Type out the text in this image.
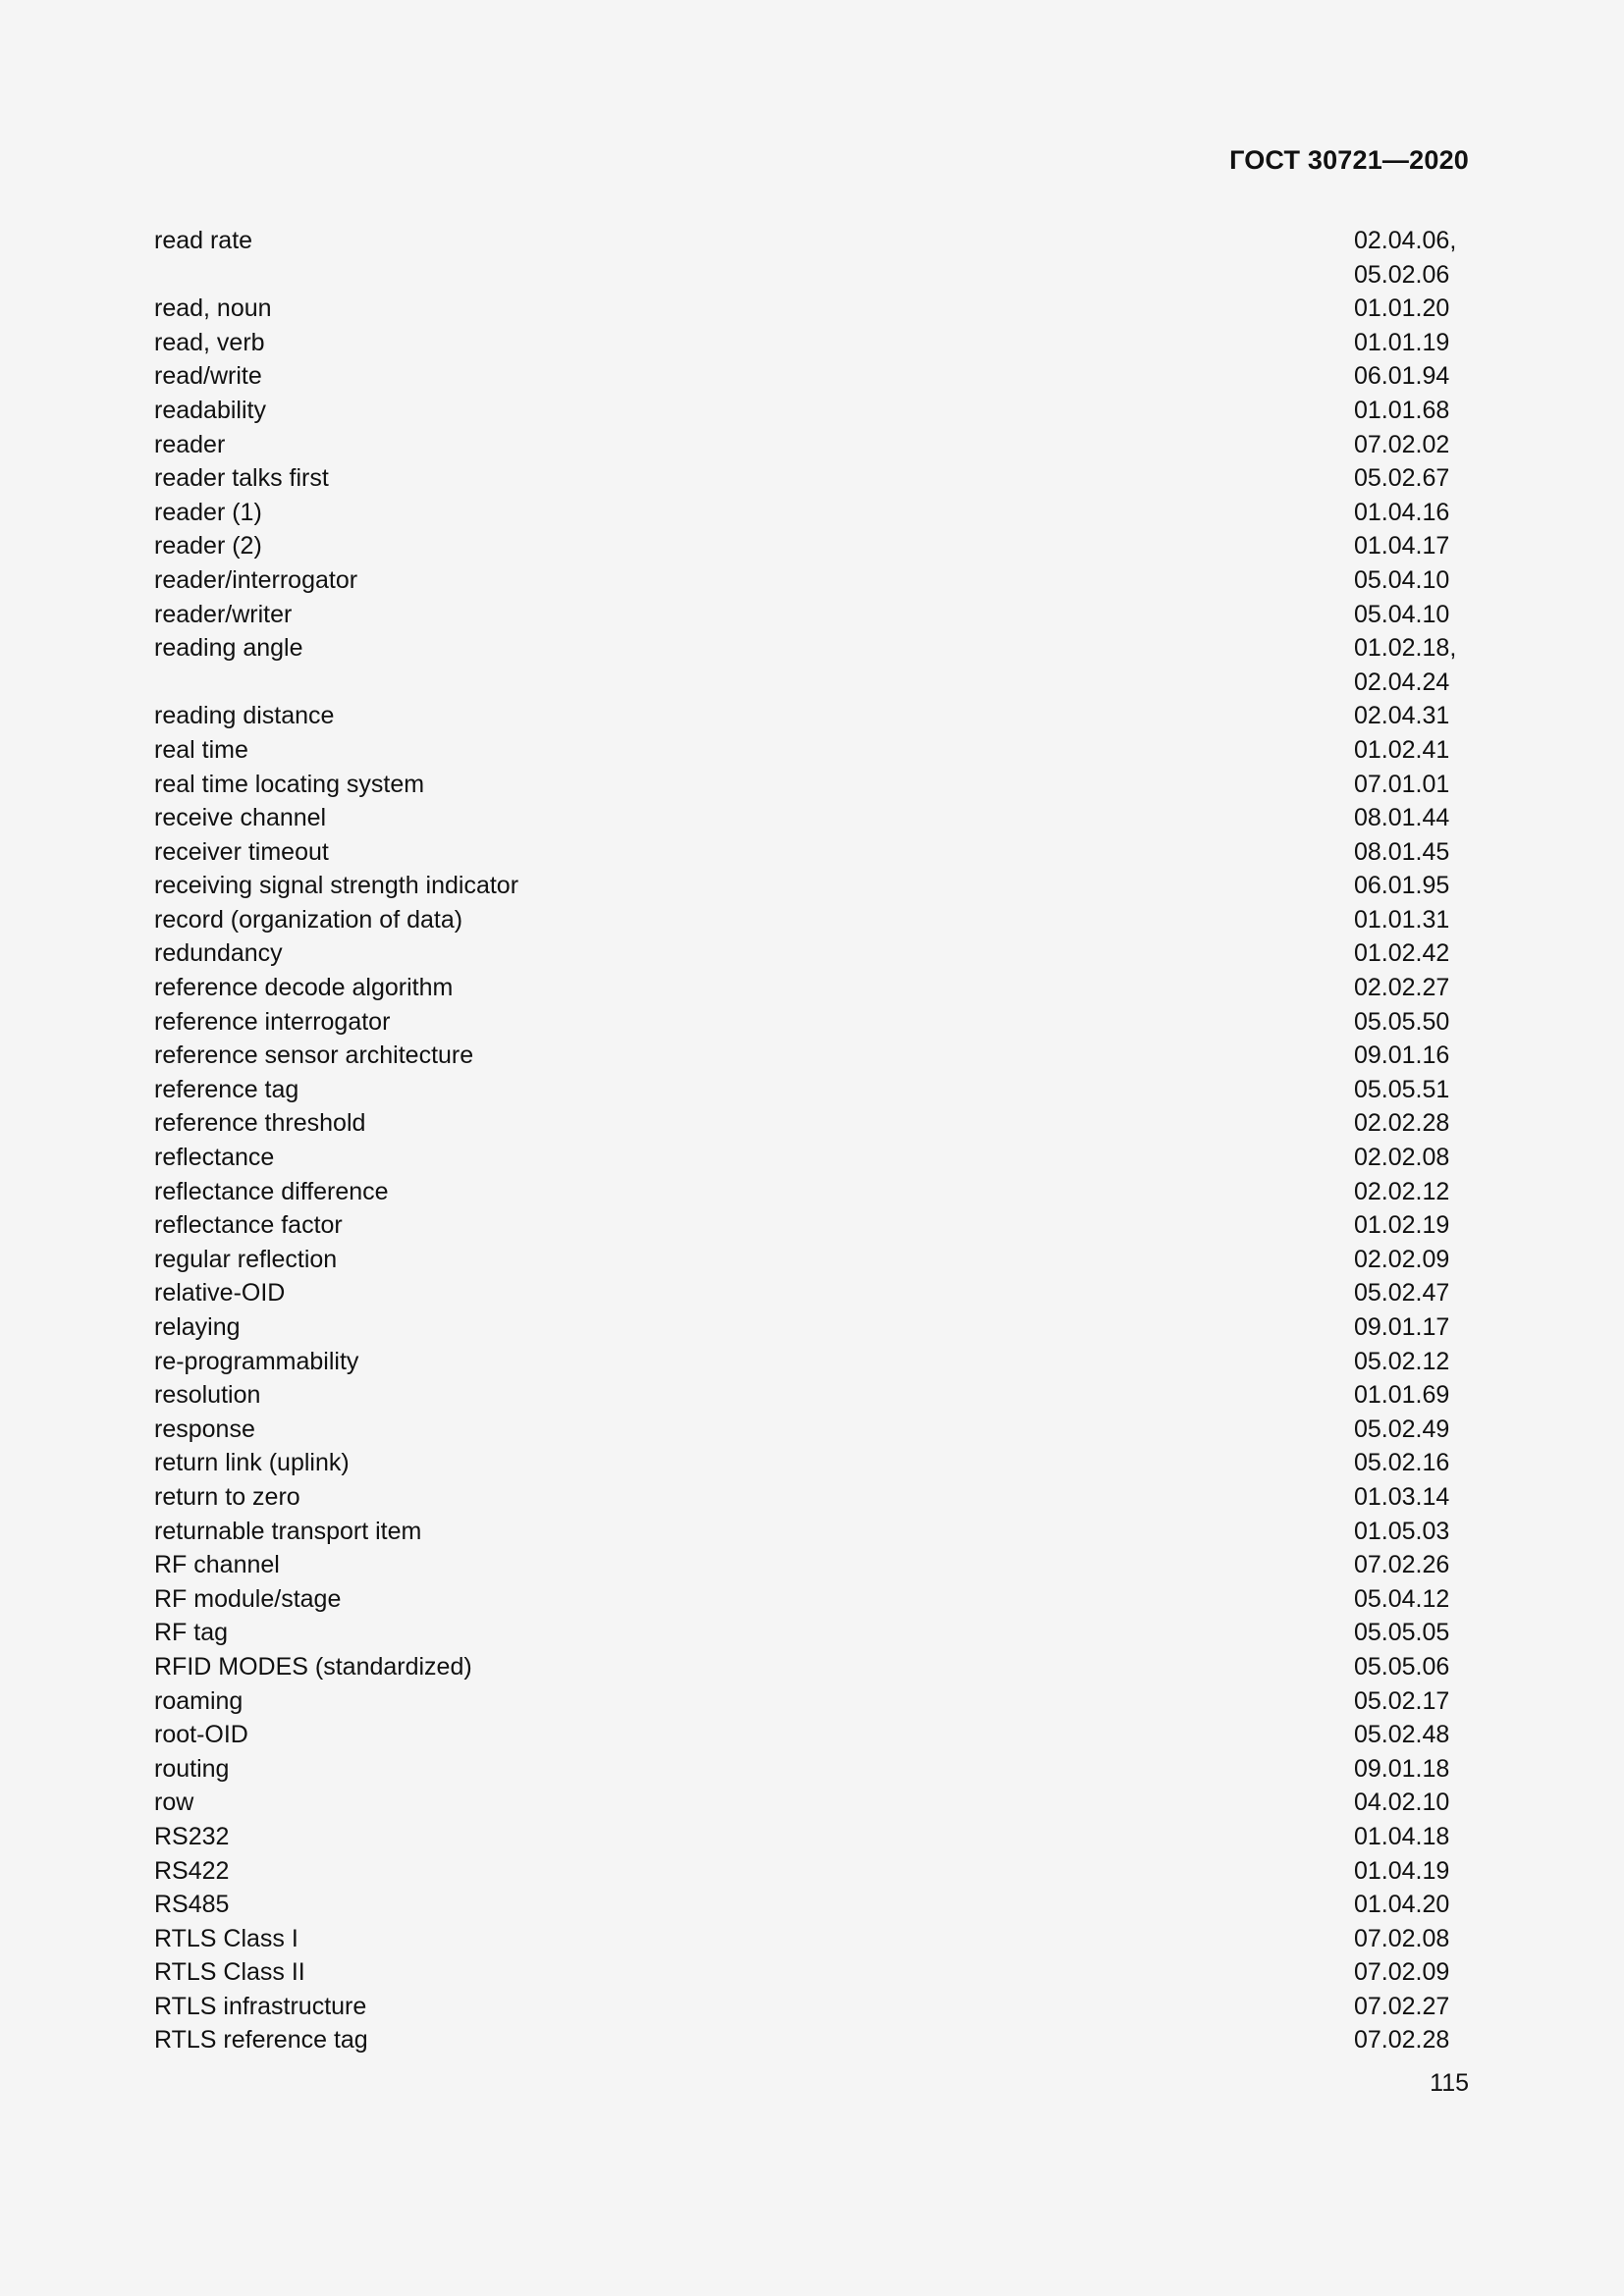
ГОСТ 30721—2020
read rate	02.04.06,
05.02.06
read, noun	01.01.20
read, verb	01.01.19
read/write	06.01.94
readability	01.01.68
reader	07.02.02
reader talks first	05.02.67
reader (1)	01.04.16
reader (2)	01.04.17
reader/interrogator	05.04.10
reader/writer	05.04.10
reading angle	01.02.18,
02.04.24
reading distance	02.04.31
real time	01.02.41
real time locating system	07.01.01
receive channel	08.01.44
receiver timeout	08.01.45
receiving signal strength indicator	06.01.95
record (organization of data)	01.01.31
redundancy	01.02.42
reference decode algorithm	02.02.27
reference interrogator	05.05.50
reference sensor architecture	09.01.16
reference tag	05.05.51
reference threshold	02.02.28
reflectance	02.02.08
reflectance difference	02.02.12
reflectance factor	01.02.19
regular reflection	02.02.09
relative-OID	05.02.47
relaying	09.01.17
re-programmability	05.02.12
resolution	01.01.69
response	05.02.49
return link (uplink)	05.02.16
return to zero	01.03.14
returnable transport item	01.05.03
RF channel	07.02.26
RF module/stage	05.04.12
RF tag	05.05.05
RFID MODES (standardized)	05.05.06
roaming	05.02.17
root-OID	05.02.48
routing	09.01.18
row	04.02.10
RS232	01.04.18
RS422	01.04.19
RS485	01.04.20
RTLS Class I	07.02.08
RTLS Class II	07.02.09
RTLS infrastructure	07.02.27
RTLS reference tag	07.02.28
115
